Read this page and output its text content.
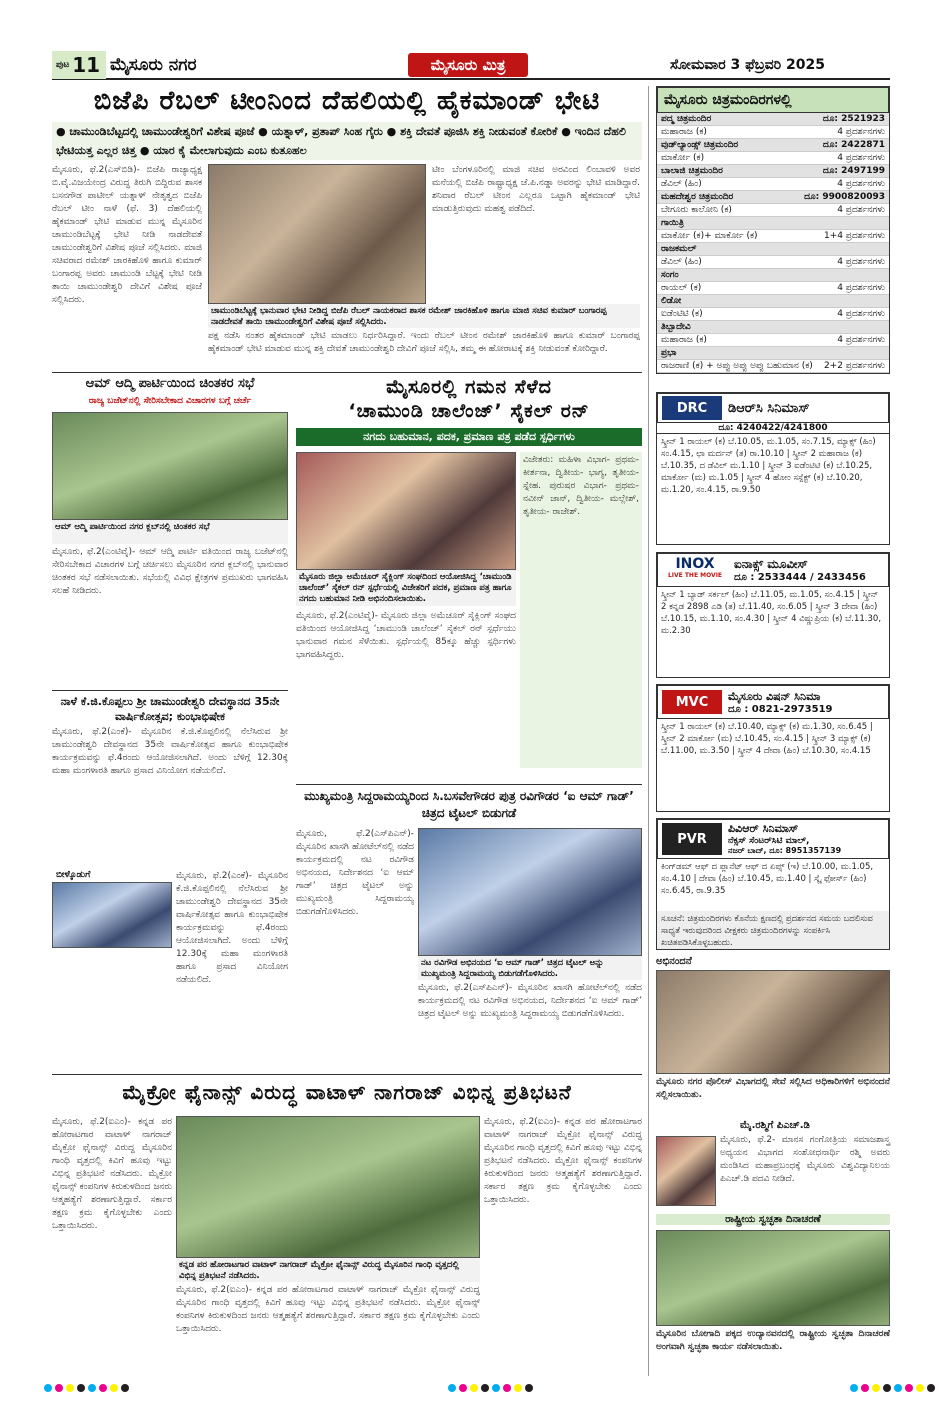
ಪುಟ 11 ಮೈಸೂರು ನಗರ	ಮೈಸೂರು ಮಿತ್ರ	ಸೋಮವಾರ 3 ಫೆಬ್ರವರಿ 2025
ಬಿಜೆಪಿ ರೆಬಲ್ ಟೀಂನಿಂದ ದೆಹಲಿಯಲ್ಲಿ ಹೈಕಮಾಂಡ್ ಭೇಟಿ
● ಚಾಮುಂಡಿಬೆಟ್ಟದಲ್ಲಿ ಚಾಮುಂಡೇಶ್ವರಿಗೆ ವಿಶೇಷ ಪೂಜೆ ● ಯತ್ನಾಳ್, ಪ್ರತಾಪ್ ಸಿಂಹ ಗೈರು ● ಶಕ್ತಿ ದೇವತೆ ಪೂಜಿಸಿ ಶಕ್ತಿ ನೀಡುವಂತೆ ಕೋರಿಕೆ ● ಇಂದಿನ ದೆಹಲಿ ಭೇಟಿಯತ್ತ ಎಲ್ಲರ ಚಿತ್ತ ● ಯಾರ ಕೈ ಮೇಲಾಗುವುದು ಎಂಬ ಕುತೂಹಲ
ಮೈಸೂರು, ಫೆ.2(ಎಸ್‌ಬಿಡಿ)- ಬಿಜೆಪಿ ರಾಜ್ಯಾಧ್ಯಕ್ಷ ಬಿ.ವೈ.ವಿಜಯೇಂದ್ರ ವಿರುದ್ಧ ತಿರುಗಿ ಬಿದ್ದಿರುವ ಶಾಸಕ ಬಸನಗೌಡ ಪಾಟೀಲ್ ಯತ್ನಾಳ್ ನೇತೃತ್ವದ ಬಿಜೆಪಿ ರೆಬಲ್ ಟೀಂ ನಾಳೆ (ಫೆ. 3) ದೆಹಲಿಯಲ್ಲಿ ಹೈಕಮಾಂಡ್ ಭೇಟಿ ಮಾಡುವ ಮುನ್ನ ಮೈಸೂರಿನ ಚಾಮುಂಡಿಬೆಟ್ಟಕ್ಕೆ ಭೇಟಿ ನೀಡಿ ನಾಡದೇವತೆ ಚಾಮುಂಡೇಶ್ವರಿಗೆ ವಿಶೇಷ ಪೂಜೆ ಸಲ್ಲಿಸಿದರು. ಮಾಜಿ ಸಚಿವರಾದ ರಮೇಶ್ ಜಾರಕಿಹೊಳಿ ಹಾಗೂ ಕುಮಾರ್ ಬಂಗಾರಪ್ಪ ಅವರು ಚಾಮುಂಡಿ ಬೆಟ್ಟಕ್ಕೆ ಭೇಟಿ ನೀಡಿ ತಾಯಿ ಚಾಮುಂಡೇಶ್ವರಿ ದೇವಿಗೆ ವಿಶೇಷ ಪೂಜೆ ಸಲ್ಲಿಸಿದರು.
ಚಾಮುಂಡಿಬೆಟ್ಟಕ್ಕೆ ಭಾನುವಾರ ಭೇಟಿ ನೀಡಿದ್ದ ಬಿಜೆಪಿ ರೆಬಲ್ ನಾಯಕರಾದ ಶಾಸಕ ರಮೇಶ್ ಜಾರಕಿಹೊಳಿ ಹಾಗೂ ಮಾಜಿ ಸಚಿವ ಕುಮಾರ್ ಬಂಗಾರಪ್ಪ ನಾಡದೇವತೆ ತಾಯಿ ಚಾಮುಂಡೇಶ್ವರಿಗೆ ವಿಶೇಷ ಪೂಜೆ ಸಲ್ಲಿಸಿದರು.
ಟೀಂ ಬೆಂಗಳೂರಿನಲ್ಲಿ ಮಾಜಿ ಸಚಿವ ಅರವಿಂದ ಲಿಂಬಾವಳಿ ಅವರ ಮನೆಯಲ್ಲಿ ಬಿಜೆಪಿ ರಾಷ್ಟ್ರಾಧ್ಯಕ್ಷ ಜೆ.ಪಿ.ನಡ್ಡಾ ಅವರನ್ನು ಭೇಟಿ ಮಾಡಿದ್ದಾರೆ. ಶನಿವಾರ ರೆಬಲ್ ಟೀಂನ ಎಲ್ಲರೂ ಒಟ್ಟಾಗಿ ಹೈಕಮಾಂಡ್ ಭೇಟಿ ಮಾಡುತ್ತಿರುವುದು ಮಹತ್ವ ಪಡೆದಿದೆ.
ಪಕ್ಷ ನಡೆಸಿ ನಂತರ ಹೈಕಮಾಂಡ್ ಭೇಟಿ ಮಾಡಲು ನಿರ್ಧರಿಸಿದ್ದಾರೆ. ಇಂದು ರೆಬಲ್ ಟೀಂನ ರಮೇಶ್ ಜಾರಕಿಹೊಳಿ ಹಾಗೂ ಕುಮಾರ್ ಬಂಗಾರಪ್ಪ ಹೈಕಮಾಂಡ್ ಭೇಟಿ ಮಾಡುವ ಮುನ್ನ ಶಕ್ತಿ ದೇವತೆ ಚಾಮುಂಡೇಶ್ವರಿ ದೇವಿಗೆ ಪೂಜೆ ಸಲ್ಲಿಸಿ, ತಮ್ಮ ಈ ಹೋರಾಟಕ್ಕೆ ಶಕ್ತಿ ನೀಡುವಂತೆ ಕೋರಿದ್ದಾರೆ.
ಆಮ್ ಆದ್ಮಿ ಪಾರ್ಟಿಯಿಂದ ಚಿಂತಕರ ಸಭೆ
ರಾಜ್ಯ ಬಜೆಟ್‌ನಲ್ಲಿ ಸೇರಿಸಬೇಕಾದ ವಿಚಾರಗಳ ಬಗ್ಗೆ ಚರ್ಚೆ
ಆಮ್ ಆದ್ಮಿ ಪಾರ್ಟಿಯಿಂದ ನಗರ ಕ್ಲಬ್‌ನಲ್ಲಿ ಚಿಂತಕರ ಸಭೆ
ಮೈಸೂರು, ಫೆ.2(ಎಂಟಿವೈ)- ಆಮ್ ಆದ್ಮಿ ಪಾರ್ಟಿ ವತಿಯಿಂದ ರಾಜ್ಯ ಬಜೆಟ್‌ನಲ್ಲಿ ಸೇರಿಸಬೇಕಾದ ವಿಚಾರಗಳ ಬಗ್ಗೆ ಚರ್ಚಿಸಲು ಮೈಸೂರಿನ ನಗರ ಕ್ಲಬ್‌ನಲ್ಲಿ ಭಾನುವಾರ ಚಿಂತಕರ ಸಭೆ ನಡೆಸಲಾಯಿತು. ಸಭೆಯಲ್ಲಿ ವಿವಿಧ ಕ್ಷೇತ್ರಗಳ ಪ್ರಮುಖರು ಭಾಗವಹಿಸಿ ಸಲಹೆ ನೀಡಿದರು.
ನಾಳೆ ಕೆ.ಜಿ.ಕೊಪ್ಪಲು ಶ್ರೀ ಚಾಮುಂಡೇಶ್ವರಿ ದೇವಸ್ಥಾನದ 35ನೇ ವಾರ್ಷಿಕೋತ್ಸವ; ಕುಂಭಾಭಿಷೇಕ
ಮೈಸೂರು, ಫೆ.2(ಎಂಕೆ)- ಮೈಸೂರಿನ ಕೆ.ಜಿ.ಕೊಪ್ಪಲಿನಲ್ಲಿ ನೆಲೆಸಿರುವ ಶ್ರೀ ಚಾಮುಂಡೇಶ್ವರಿ ದೇವಸ್ಥಾನದ 35ನೇ ವಾರ್ಷಿಕೋತ್ಸವ ಹಾಗೂ ಕುಂಭಾಭಿಷೇಕ ಕಾರ್ಯಕ್ರಮವನ್ನು ಫೆ.4ರಂದು ಆಯೋಜಿಸಲಾಗಿದೆ. ಅಂದು ಬೆಳಿಗ್ಗೆ 12.30ಕ್ಕೆ ಮಹಾ ಮಂಗಳಾರತಿ ಹಾಗೂ ಪ್ರಸಾದ ವಿನಿಯೋಗ ನಡೆಯಲಿದೆ.
ಬೀಳ್ಕೊಡುಗೆ	ಮೈಸೂರು, ಫೆ.2(ಎಂಕೆ)- ಮೈಸೂರಿನ ಕೆ.ಜಿ.ಕೊಪ್ಪಲಿನಲ್ಲಿ ನೆಲೆಸಿರುವ ಶ್ರೀ ಚಾಮುಂಡೇಶ್ವರಿ ದೇವಸ್ಥಾನದ 35ನೇ ವಾರ್ಷಿಕೋತ್ಸವ ಹಾಗೂ ಕುಂಭಾಭಿಷೇಕ ಕಾರ್ಯಕ್ರಮವನ್ನು ಫೆ.4ರಂದು ಆಯೋಜಿಸಲಾಗಿದೆ. ಅಂದು ಬೆಳಿಗ್ಗೆ 12.30ಕ್ಕೆ ಮಹಾ ಮಂಗಳಾರತಿ ಹಾಗೂ ಪ್ರಸಾದ ವಿನಿಯೋಗ ನಡೆಯಲಿದೆ.
ಮೈಸೂರಲ್ಲಿ ಗಮನ ಸೆಳೆದ
‘ಚಾಮುಂಡಿ ಚಾಲೆಂಜ್’ ಸೈಕಲ್ ರನ್
ನಗದು ಬಹುಮಾನ, ಪದಕ, ಪ್ರಮಾಣ ಪತ್ರ ಪಡೆದ ಸ್ಪರ್ಧಿಗಳು
ಮೈಸೂರು ಜಿಲ್ಲಾ ಅಮೆಚೂರ್ ಸೈಕ್ಲಿಂಗ್ ಸಂಘದಿಂದ ಆಯೋಜಿಸಿದ್ದ ‘ಚಾಮುಂಡಿ ಚಾಲೆಂಜ್’ ಸೈಕಲ್ ರನ್ ಸ್ಪರ್ಧೆಯಲ್ಲಿ ವಿಜೇತರಿಗೆ ಪದಕ, ಪ್ರಮಾಣ ಪತ್ರ ಹಾಗೂ ನಗದು ಬಹುಮಾನ ನೀಡಿ ಅಭಿನಂದಿಸಲಾಯಿತು.
ವಿಜೇತರು: ಮಹಿಳಾ ವಿಭಾಗ- ಪ್ರಥಮ- ಕೀರ್ತನಾ, ದ್ವಿತೀಯ- ಭಾಗ್ಯ, ತೃತೀಯ- ಸ್ನೇಹ. ಪುರುಷರ ವಿಭಾಗ- ಪ್ರಥಮ- ನವೀನ್ ಜಾನ್, ದ್ವಿತೀಯ- ಮಲ್ಲೇಶ್, ತೃತೀಯ- ರಾಜೇಶ್.
ಮೈಸೂರು, ಫೆ.2(ಎಂಟಿವೈ)- ಮೈಸೂರು ಜಿಲ್ಲಾ ಅಮೆಚೂರ್ ಸೈಕ್ಲಿಂಗ್ ಸಂಘದ ವತಿಯಿಂದ ಆಯೋಜಿಸಿದ್ದ ‘ಚಾಮುಂಡಿ ಚಾಲೆಂಜ್’ ಸೈಕಲ್ ರನ್ ಸ್ಪರ್ಧೆಯು ಭಾನುವಾರ ಗಮನ ಸೆಳೆಯಿತು. ಸ್ಪರ್ಧೆಯಲ್ಲಿ 85ಕ್ಕೂ ಹೆಚ್ಚು ಸ್ಪರ್ಧಿಗಳು ಭಾಗವಹಿಸಿದ್ದರು.
ಮುಖ್ಯಮಂತ್ರಿ ಸಿದ್ದರಾಮಯ್ಯರಿಂದ ಸಿ.ಬಸವೇಗೌಡರ ಪುತ್ರ ರವಿಗೌಡರ ‘ಐ ಆಮ್ ಗಾಡ್’ ಚಿತ್ರದ ಟೈಟಲ್ ಬಿಡುಗಡೆ
ಮೈಸೂರು, ಫೆ.2(ಎಸ್‌ಪಿಎನ್)- ಮೈಸೂರಿನ ಖಾಸಗಿ ಹೋಟೆಲ್‌ನಲ್ಲಿ ನಡೆದ ಕಾರ್ಯಕ್ರಮದಲ್ಲಿ ನಟ ರವಿಗೌಡ ಅಭಿನಯದ, ನಿರ್ದೇಶನದ ‘ಐ ಆಮ್ ಗಾಡ್’ ಚಿತ್ರದ ಟೈಟಲ್ ಅನ್ನು ಮುಖ್ಯಮಂತ್ರಿ ಸಿದ್ದರಾಮಯ್ಯ ಬಿಡುಗಡೆಗೊಳಿಸಿದರು.
ನಟ ರವಿಗೌಡ ಅಭಿನಯದ ‘ಐ ಆಮ್ ಗಾಡ್’ ಚಿತ್ರದ ಟೈಟಲ್ ಅನ್ನು ಮುಖ್ಯಮಂತ್ರಿ ಸಿದ್ದರಾಮಯ್ಯ ಬಿಡುಗಡೆಗೊಳಿಸಿದರು.
ಮೈಸೂರು, ಫೆ.2(ಎಸ್‌ಪಿಎನ್)- ಮೈಸೂರಿನ ಖಾಸಗಿ ಹೋಟೆಲ್‌ನಲ್ಲಿ ನಡೆದ ಕಾರ್ಯಕ್ರಮದಲ್ಲಿ ನಟ ರವಿಗೌಡ ಅಭಿನಯದ, ನಿರ್ದೇಶನದ ‘ಐ ಆಮ್ ಗಾಡ್’ ಚಿತ್ರದ ಟೈಟಲ್ ಅನ್ನು ಮುಖ್ಯಮಂತ್ರಿ ಸಿದ್ದರಾಮಯ್ಯ ಬಿಡುಗಡೆಗೊಳಿಸಿದರು.
ಮೈಕ್ರೋ ಫೈನಾನ್ಸ್ ವಿರುದ್ಧ ವಾಟಾಳ್ ನಾಗರಾಜ್ ವಿಭಿನ್ನ ಪ್ರತಿಭಟನೆ
ಮೈಸೂರು, ಫೆ.2(ಐಎಂ)- ಕನ್ನಡ ಪರ ಹೋರಾಟಗಾರ ವಾಟಾಳ್ ನಾಗರಾಜ್ ಮೈಕ್ರೋ ಫೈನಾನ್ಸ್ ವಿರುದ್ಧ ಮೈಸೂರಿನ ಗಾಂಧಿ ವೃತ್ತದಲ್ಲಿ ಕಿವಿಗೆ ಹೂವು ಇಟ್ಟು ವಿಭಿನ್ನ ಪ್ರತಿಭಟನೆ ನಡೆಸಿದರು. ಮೈಕ್ರೋ ಫೈನಾನ್ಸ್ ಕಂಪನಿಗಳ ಕಿರುಕುಳದಿಂದ ಜನರು ಆತ್ಮಹತ್ಯೆಗೆ ಶರಣಾಗುತ್ತಿದ್ದಾರೆ. ಸರ್ಕಾರ ತಕ್ಷಣ ಕ್ರಮ ಕೈಗೊಳ್ಳಬೇಕು ಎಂದು ಒತ್ತಾಯಿಸಿದರು.
ಕನ್ನಡ ಪರ ಹೋರಾಟಗಾರ ವಾಟಾಳ್ ನಾಗರಾಜ್ ಮೈಕ್ರೋ ಫೈನಾನ್ಸ್ ವಿರುದ್ಧ ಮೈಸೂರಿನ ಗಾಂಧಿ ವೃತ್ತದಲ್ಲಿ ವಿಭಿನ್ನ ಪ್ರತಿಭಟನೆ ನಡೆಸಿದರು.
ಮೈಸೂರು, ಫೆ.2(ಐಎಂ)- ಕನ್ನಡ ಪರ ಹೋರಾಟಗಾರ ವಾಟಾಳ್ ನಾಗರಾಜ್ ಮೈಕ್ರೋ ಫೈನಾನ್ಸ್ ವಿರುದ್ಧ ಮೈಸೂರಿನ ಗಾಂಧಿ ವೃತ್ತದಲ್ಲಿ ಕಿವಿಗೆ ಹೂವು ಇಟ್ಟು ವಿಭಿನ್ನ ಪ್ರತಿಭಟನೆ ನಡೆಸಿದರು. ಮೈಕ್ರೋ ಫೈನಾನ್ಸ್ ಕಂಪನಿಗಳ ಕಿರುಕುಳದಿಂದ ಜನರು ಆತ್ಮಹತ್ಯೆಗೆ ಶರಣಾಗುತ್ತಿದ್ದಾರೆ. ಸರ್ಕಾರ ತಕ್ಷಣ ಕ್ರಮ ಕೈಗೊಳ್ಳಬೇಕು ಎಂದು ಒತ್ತಾಯಿಸಿದರು.
ಮೈಸೂರು, ಫೆ.2(ಐಎಂ)- ಕನ್ನಡ ಪರ ಹೋರಾಟಗಾರ ವಾಟಾಳ್ ನಾಗರಾಜ್ ಮೈಕ್ರೋ ಫೈನಾನ್ಸ್ ವಿರುದ್ಧ ಮೈಸೂರಿನ ಗಾಂಧಿ ವೃತ್ತದಲ್ಲಿ ಕಿವಿಗೆ ಹೂವು ಇಟ್ಟು ವಿಭಿನ್ನ ಪ್ರತಿಭಟನೆ ನಡೆಸಿದರು. ಮೈಕ್ರೋ ಫೈನಾನ್ಸ್ ಕಂಪನಿಗಳ ಕಿರುಕುಳದಿಂದ ಜನರು ಆತ್ಮಹತ್ಯೆಗೆ ಶರಣಾಗುತ್ತಿದ್ದಾರೆ. ಸರ್ಕಾರ ತಕ್ಷಣ ಕ್ರಮ ಕೈಗೊಳ್ಳಬೇಕು ಎಂದು ಒತ್ತಾಯಿಸಿದರು.
ಮೈಸೂರು ಚಿತ್ರಮಂದಿರಗಳಲ್ಲಿ
ಪದ್ಮ ಚಿತ್ರಮಂದಿರ	ದೂ: 2521923
ಮಹಾರಾಜ (ಕ)	4 ಪ್ರದರ್ಶನಗಳು
ವುಡ್‌ಲ್ಯಾಂಡ್ಸ್ ಚಿತ್ರಮಂದಿರ	ದೂ: 2422871
ಮಾರ್ಕೋ (ಕ)	4 ಪ್ರದರ್ಶನಗಳು
ಬಾಲಾಜಿ ಚಿತ್ರಮಂದಿರ	ದೂ: 2497199
ಡೆವಿಲ್ (ಹಿಂ)	4 ಪ್ರದರ್ಶನಗಳು
ಮಹದೇಶ್ವರ ಚಿತ್ರಮಂದಿರ	ದೂ: 9900820093
ಬೇಗೂರು ಕಾಲೋನಿ (ಕ)	4 ಪ್ರದರ್ಶನಗಳು
ಗಾಯಿತ್ರಿ
ಮಾರ್ಕೋ (ಕ)+ ಮಾರ್ಕೋ (ಕ)	1+4 ಪ್ರದರ್ಶನಗಳು
ರಾಜಕಮಲ್
ಡೆವಿಲ್ (ಹಿಂ)	4 ಪ್ರದರ್ಶನಗಳು
ಸಂಗಂ
ರಾಯಲ್ (ಕ)	4 ಪ್ರದರ್ಶನಗಳು
ಲಿಡೋ
ಐಡೆಂಟಿಟಿ (ಕ)	4 ಪ್ರದರ್ಶನಗಳು
ತಿಬ್ಬಾದೇವಿ
ಮಹಾರಾಜ (ಕ)	4 ಪ್ರದರ್ಶನಗಳು
ಪ್ರಭಾ
ರಾಜರಾಣಿ (ಕ) + ಅಪ್ಪು ಅಪ್ಪು ಅಪ್ಪು ಬಹುಮಾನ (ಕ) 2+2 ಪ್ರದರ್ಶನಗಳು
DRC	ಡಿಆರ್‌ಸಿ ಸಿನಿಮಾಸ್
ದೂ: 4240422/4241800
ಸ್ಕ್ರೀನ್ 1 ರಾಯಲ್ (ಕ) ಬೆ.10.05, ಮ.1.05, ಸಂ.7.15, ಮ್ಯಾಕ್ಸ್ (ಹಿಂ) ಸಂ.4.15, ಛಾ ಮರ್ದನ್ (ತ) ರಾ.10.10 | ಸ್ಕ್ರೀನ್ 2 ಮಹಾರಾಜ (ಕ) ಬೆ.10.35, ದ ಡೆವಿಲ್ ಮ.1.10 | ಸ್ಕ್ರೀನ್ 3 ಐಡೆಂಟಿಟಿ (ಕ) ಬೆ.10.25, ಮಾರ್ಕೋ (ಮ) ಮ.1.05 | ಸ್ಕ್ರೀನ್ 4 ಹೋಂ ಸಸ್ಪೆಕ್ಟ್ (ಕ) ಬೆ.10.20, ಮ.1.20, ಸಂ.4.15, ರಾ.9.50
INOX
LIVE THE MOVIE
ಐನಾಕ್ಸ್ ಮೂವೀಸ್
ದೂ : 2533444 / 2433456
ಸ್ಕ್ರೀನ್ 1 ಬ್ಯಾಡ್ ಸರ್ಕಲ್ (ಹಿಂ) ಬೆ.11.05, ಮ.1.05, ಸಂ.4.15 | ಸ್ಕ್ರೀನ್ 2 ಕನ್ನಡ 2898 ಎಡಿ (ತ) ಬೆ.11.40, ಸಂ.6.05 | ಸ್ಕ್ರೀನ್ 3 ದೇವಾ (ಹಿಂ) ಬೆ.10.15, ಮ.1.10, ಸಂ.4.30 | ಸ್ಕ್ರೀನ್ 4 ವಿಷ್ಣುಪ್ರಿಯ (ಕ) ಬೆ.11.30, ಮ.2.30
MVC	ಮೈಸೂರು ವಿಷನ್ ಸಿನಿಮಾ
ದೂ : 0821-2973519
ಸ್ಕ್ರೀನ್ 1 ರಾಯಲ್ (ಕ) ಬೆ.10.40, ಮ್ಯಾಕ್ಸ್ (ಕ) ಮ.1.30, ಸಂ.6.45 | ಸ್ಕ್ರೀನ್ 2 ಮಾರ್ಕೋ (ಮ) ಬೆ.10.45, ಸಂ.4.15 | ಸ್ಕ್ರೀನ್ 3 ಮ್ಯಾಕ್ಸ್ (ಕ) ಬೆ.11.00, ಮ.3.50 | ಸ್ಕ್ರೀನ್ 4 ದೇವಾ (ಹಿಂ) ಬೆ.10.30, ಸಂ.4.15
PVR
ಪಿವಿಆರ್ ಸಿನಿಮಾಸ್
ನೆಕ್ಸಸ್ ಸೆಂಟರ್‌ಸಿಟಿ ಮಾಲ್,
ನಜರ್ ಬಾದ್, ದೂ: 8951357139
ಕಿಂಗ್‌ಡಮ್ ಆಫ್ ದ ಪ್ಲಾನೆಟ್ ಆಫ್ ದ ಏಪ್ಸ್ (ಇ) ಬೆ.10.00, ಮ.1.05, ಸಂ.4.10 | ದೇವಾ (ಹಿಂ) ಬೆ.10.45, ಮ.1.40 | ಸ್ಕೈ ಫೋರ್ಸ್ (ಹಿಂ) ಸಂ.6.45, ರಾ.9.35
ಸೂಚನೆ: ಚಿತ್ರಮಂದಿರಗಳು ಕೊನೆಯ ಕ್ಷಣದಲ್ಲಿ ಪ್ರದರ್ಶನದ ಸಮಯ ಬದಲಿಸುವ ಸಾಧ್ಯತೆ ಇರುವುದರಿಂದ ವೀಕ್ಷಕರು ಚಿತ್ರಮಂದಿರಗಳನ್ನು ಸಂಪರ್ಕಿಸಿ ಖಚಿತಪಡಿಸಿಕೊಳ್ಳಬಹುದು.
ಅಭಿನಂದನೆ
ಮೈಸೂರು ನಗರ ಪೊಲೀಸ್ ವಿಭಾಗದಲ್ಲಿ ಸೇವೆ ಸಲ್ಲಿಸಿದ ಅಧಿಕಾರಿಗಳಿಗೆ ಅಭಿನಂದನೆ ಸಲ್ಲಿಸಲಾಯಿತು.
ಮೈ.ರಶ್ಮಿಗೆ ಪಿಎಚ್.ಡಿ
ಮೈಸೂರು, ಫೆ.2- ಮಾನಸ ಗಂಗೋತ್ರಿಯ ಸಮಾಜಶಾಸ್ತ್ರ ಅಧ್ಯಯನ ವಿಭಾಗದ ಸಂಶೋಧನಾರ್ಥಿ ರಶ್ಮಿ ಅವರು ಮಂಡಿಸಿದ ಮಹಾಪ್ರಬಂಧಕ್ಕೆ ಮೈಸೂರು ವಿಶ್ವವಿದ್ಯಾನಿಲಯ ಪಿಎಚ್.ಡಿ ಪದವಿ ನೀಡಿದೆ.
ರಾಷ್ಟ್ರೀಯ ಸ್ವಚ್ಛತಾ ದಿನಾಚರಣೆ
ಮೈಸೂರಿನ ಬೋಗಾದಿ ಪಕ್ಕದ ಉದ್ಯಾನವನದಲ್ಲಿ ರಾಷ್ಟ್ರೀಯ ಸ್ವಚ್ಛತಾ ದಿನಾಚರಣೆ ಅಂಗವಾಗಿ ಸ್ವಚ್ಛತಾ ಕಾರ್ಯ ನಡೆಸಲಾಯಿತು.
